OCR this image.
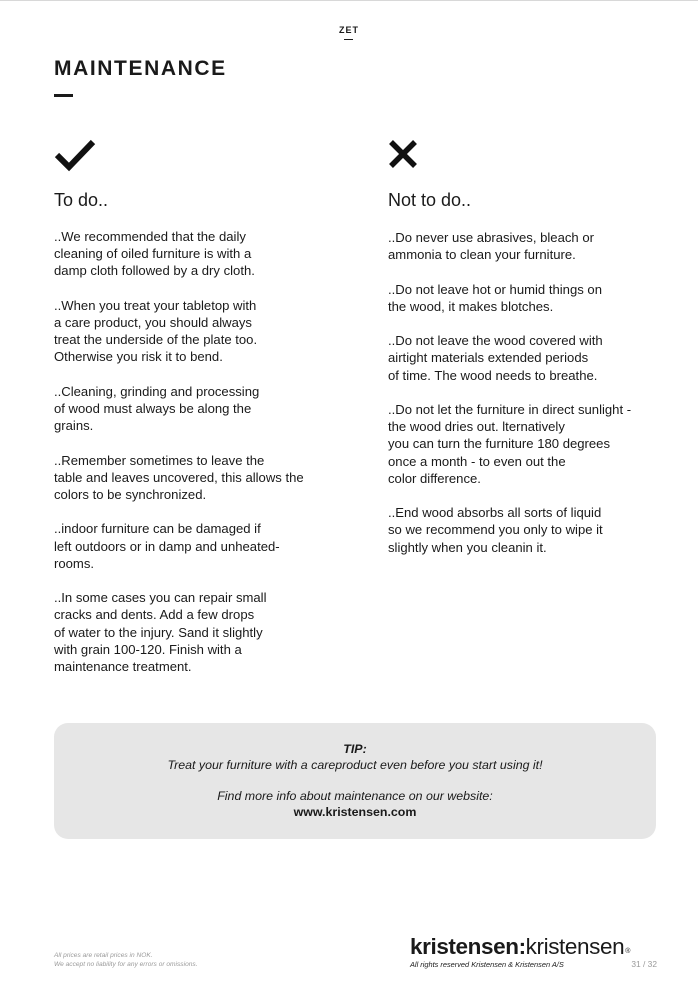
ZET
MAINTENANCE
To do..

..We recommended that the daily
cleaning of oiled furniture is with a
damp cloth followed by a dry cloth.

..When you treat your tabletop with
a care product, you should always
treat the underside of the plate too.
Otherwise you risk it to bend.

..Cleaning, grinding and processing
of wood must always be along the
grains.

..Remember sometimes to leave the
table and leaves uncovered, this allows the
colors to be synchronized.

..indoor furniture can be damaged if
left outdoors or in damp and unheated-
rooms.

..In some cases you can repair small
cracks and dents. Add a few drops
of water to the injury. Sand it slightly
with grain 100-120. Finish with a
maintenance treatment.

Not to do..

..Do never use abrasives, bleach or
ammonia to clean your furniture.

..Do not leave hot or humid things on
the wood, it makes blotches.

..Do not leave the wood covered with
airtight materials extended periods
of time. The wood needs to breathe.

..Do not let the furniture in direct sunlight -
the wood dries out. lternatively
you can turn the furniture 180 degrees
once a month - to even out the
color difference.

..End wood absorbs all sorts of liquid
so we recommend you only to wipe it
slightly when you cleanin it.

TIP:
Treat your furniture with a careproduct even before you start using it!
Find more info about maintenance on our website:
www.kristensen.com
All prices are retail prices in NOK.
We accept no liability for any errors or omissions.
kristensen:kristensen®
All rights reserved Kristensen & Kristensen A/S	31 / 32
